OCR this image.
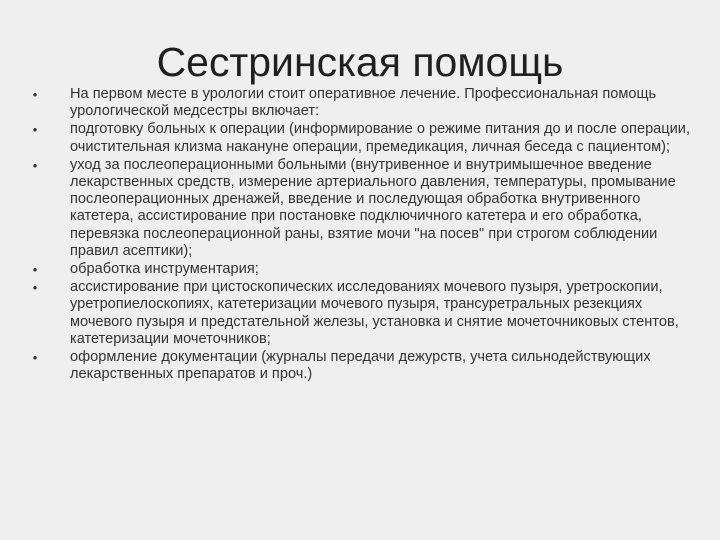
Сестринская помощь
• На первом месте в урологии стоит оперативное лечение. Профессиональная помощь урологической медсестры включает:
• подготовку больных к операции (информирование о режиме питания до и после операции, очистительная клизма накануне операции, премедикация, личная беседа с пациентом);
• уход за послеоперационными больными (внутривенное и внутримышечное введение лекарственных средств, измерение артериального давления, температуры, промывание послеоперационных дренажей, введение и последующая обработка внутривенного катетера, ассистирование при постановке подключичного катетера и его обработка, перевязка послеоперационной раны, взятие мочи "на посев" при строгом соблюдении правил асептики);
• обработка инструментария;
• ассистирование при цистоскопических исследованиях мочевого пузыря, уретроскопии, уретропиелоскопиях, катетеризации мочевого пузыря, трансуретральных резекциях мочевого пузыря и предстательной железы, установка и снятие мочеточниковых стентов, катетеризации мочеточников;
• оформление документации (журналы передачи дежурств, учета сильнодействующих лекарственных препаратов и проч.)
